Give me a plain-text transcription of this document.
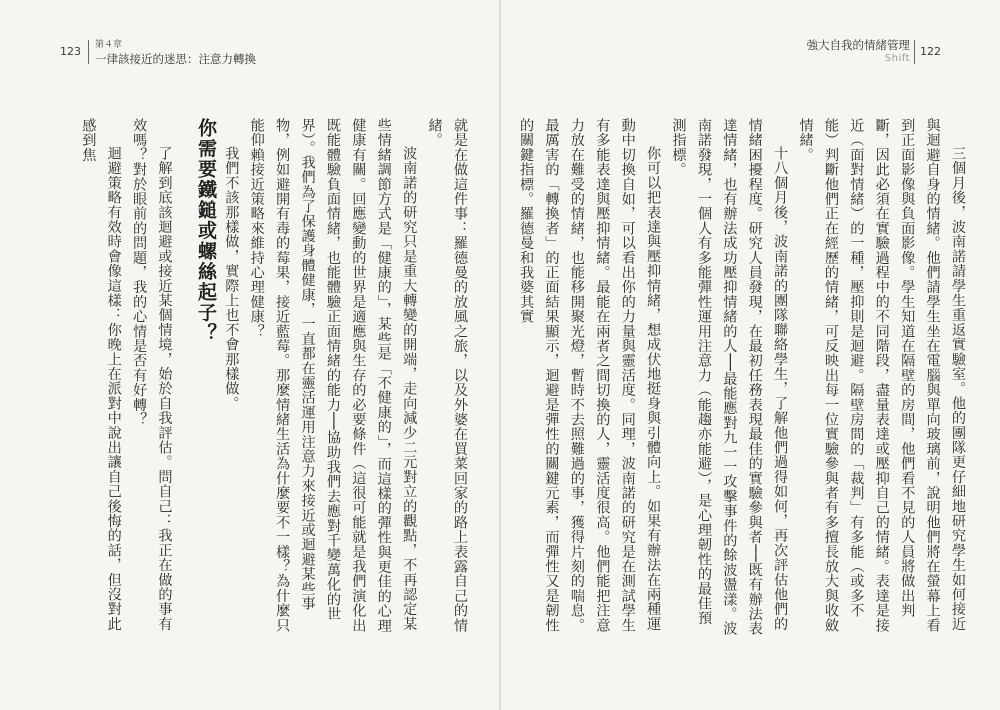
123 第４章
一律該接近的迷思：注意力轉換
強大自我的情緒管理
Shift
122

三個月後，波南諾請學生重返實驗室。他的團隊更仔細地研究學生如何接近與迴避自身的情緒。他們請學生坐在電腦與單向玻璃前，說明他們將在螢幕上看到正面影像與負面影像。學生知道在隔壁的房間，他們看不見的人員將做出判斷，因此必須在實驗過程中的不同階段，盡量表達或壓抑自己的情緒。表達是接近（面對情緒）的一種，壓抑則是迴避。隔壁房間的「裁判」有多能（或多不能）判斷他們正在經歷的情緒，可反映出每一位實驗參與者有多擅長放大與收斂情緒。

十八個月後，波南諾的團隊聯絡學生，了解他們過得如何，再次評估他們的情緒困擾程度。研究人員發現，在最初任務表現最佳的實驗參與者──既有辦法表達情緒，也有辦法成功壓抑情緒的人──最能應對九一一攻擊事件的餘波盪漾。波南諾發現，一個人有多能彈性運用注意力（能趨亦能避），是心理韌性的最佳預測指標。

你可以把表達與壓抑情緒，想成伏地挺身與引體向上。如果有辦法在兩種運動中切換自如，可以看出你的力量與靈活度。同理，波南諾的研究是在測試學生有多能表達與壓抑情緒。最能在兩者之間切換的人，靈活度很高。他們能把注意力放在難受的情緒，也能移開聚光燈，暫時不去照難過的事，獲得片刻的喘息。最厲害的「轉換者」的正面結果顯示，迴避是彈性的關鍵元素，而彈性又是韌性的關鍵指標。羅德曼和我婆其實

就是在做這件事：羅德曼的放風之旅，以及外婆在買菜回家的路上表露自己的情緒。

波南諾的研究只是重大轉變的開端，走向減少二元對立的觀點，不再認定某些情緒調節方式是「健康的」，某些是「不健康的」，而這樣的彈性與更佳的心理健康有關。回應變動的世界是適應與生存的必要條件（這很可能就是我們演化出既能體驗負面情緒，也能體驗正面情緒的能力──協助我們去應對千變萬化的世界）。我們為了保護身體健康，一直都在靈活運用注意力來接近或迴避某些事物，例如避開有毒的莓果，接近藍莓。那麼情緒生活為什麼要不一樣？為什麼只能仰賴接近策略來維持心理健康？

我們不該那樣做，實際上也不會那樣做。

你需要鐵鎚或螺絲起子？

了解到底該迴避或接近某個情境，始於自我評估。問自己：我正在做的事有效嗎？對於眼前的問題，我的心情是否有好轉？

迴避策略有效時會像這樣：你晚上在派對中說出讓自己後悔的話，但沒對此感到焦
